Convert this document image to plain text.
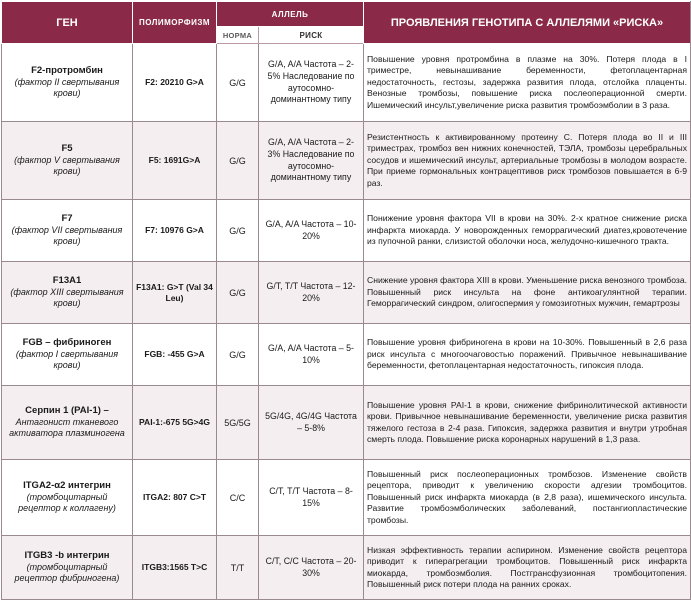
ГЕН	ПОЛИМОРФИЗМ	АЛЛЕЛЬ		ПРОЯВЛЕНИЯ ГЕНОТИПА С АЛЛЕЛЯМИ «РИСКА»
		НОРМА	РИСК	

F2-протромбин
(фактор II свертывания крови)	F2: 20210 G>A	G/G	G/A, A/A Частота – 2-5% Наследование по аутосомно-доминантному типу	Повышение уровня протромбина в плазме на 30%. Потеря плода в I триместре, невынашивание беременности, фетоплацентарная недостаточность, гестозы, задержка развития плода, отслойка плаценты. Венозные тромбозы, повышение риска послеоперационной смерти. Ишемический инсульт,увеличение риска развития тромбоэмболии в 3 раза.

F5
(фактор V свертывания крови)	F5: 1691G>A	G/G	G/A, A/A Частота – 2-3% Наследование по аутосомно-доминантному типу	Резистентность к активированному протеину С. Потеря плода во II и III триместрах, тромбоз вен нижних конечностей, ТЭЛА, тромбозы церебральных сосудов и ишемический инсульт, артериальные тромбозы в молодом возрасте. При приеме гормональных контрацептивов риск тромбозов повышается в 6-9 раз.

F7
(фактор VII свертывания крови)	F7: 10976 G>A	G/G	G/A, A/A Частота – 10-20%	Понижение уровня фактора VII в крови на 30%. 2-х кратное снижение риска инфаркта миокарда. У новорожденных геморрагический диатез,кровотечение из пупочной ранки, слизистой оболочки носа, желудочно-кишечного тракта.

F13A1
(фактор XIII свертывания крови)	F13A1: G>T (Val 34 Leu)	G/G	G/T, T/T Частота – 12-20%	Снижение уровня фактора XIII в крови. Уменьшение риска венозного тромбоза. Повышенный риск инсульта на фоне антикоагулянтной терапии. Геморрагический синдром, олигоспермия у гомозиготных мужчин, гемартрозы

FGB – фибриноген
(фактор I свертывания крови)	FGB: -455 G>A	G/G	G/A, A/A Частота – 5-10%	Повышение уровня фибриногена в крови на 10-30%. Повышенный в 2,6 раза риск инсульта с многоочаговостью поражений. Привычное невынашивание беременности, фетоплацентарная недостаточность, гипоксия плода.

Серпин 1 (PAI-1) –
Антагонист тканевого активатора плазминогена	PAI-1:-675 5G>4G	5G/5G	5G/4G, 4G/4G Частота – 5-8%	Повышение уровня PAI-1 в крови, снижение фибринолитической активности крови. Привычное невынашивание беременности, увеличение риска развития тяжелого гестоза в 2-4 раза. Гипоксия, задержка развития и внутри утробная смерть плода. Повышение риска коронарных нарушений в 1,3 раза.

ITGA2-α2 интегрин
(тромбоцитарный рецептор к коллагену)	ITGA2: 807 C>T	C/C	C/T, T/T Частота – 8-15%	Повышенный риск послеоперационных тромбозов. Изменение свойств рецептора, приводит к увеличению скорости адгезии тромбоцитов. Повышенный риск инфаркта миокарда (в 2,8 раза), ишемического инсульта. Развитие тромбоэмболических заболеваний, постангиопластические тромбозы.

ITGB3 -b интегрин
(тромбоцитарный рецептор фибриногена)	ITGB3:1565 T>C	T/T	C/T, C/C Частота – 20-30%	Низкая эффективность терапии аспирином. Изменение свойств рецептора приводит к гиперагрегации тромбоцитов. Повышенный риск инфаркта миокарда, тромбоэмболия. Постгрансфузионная тромбоцитопения. Повышенный риск потери плода на ранних сроках.
